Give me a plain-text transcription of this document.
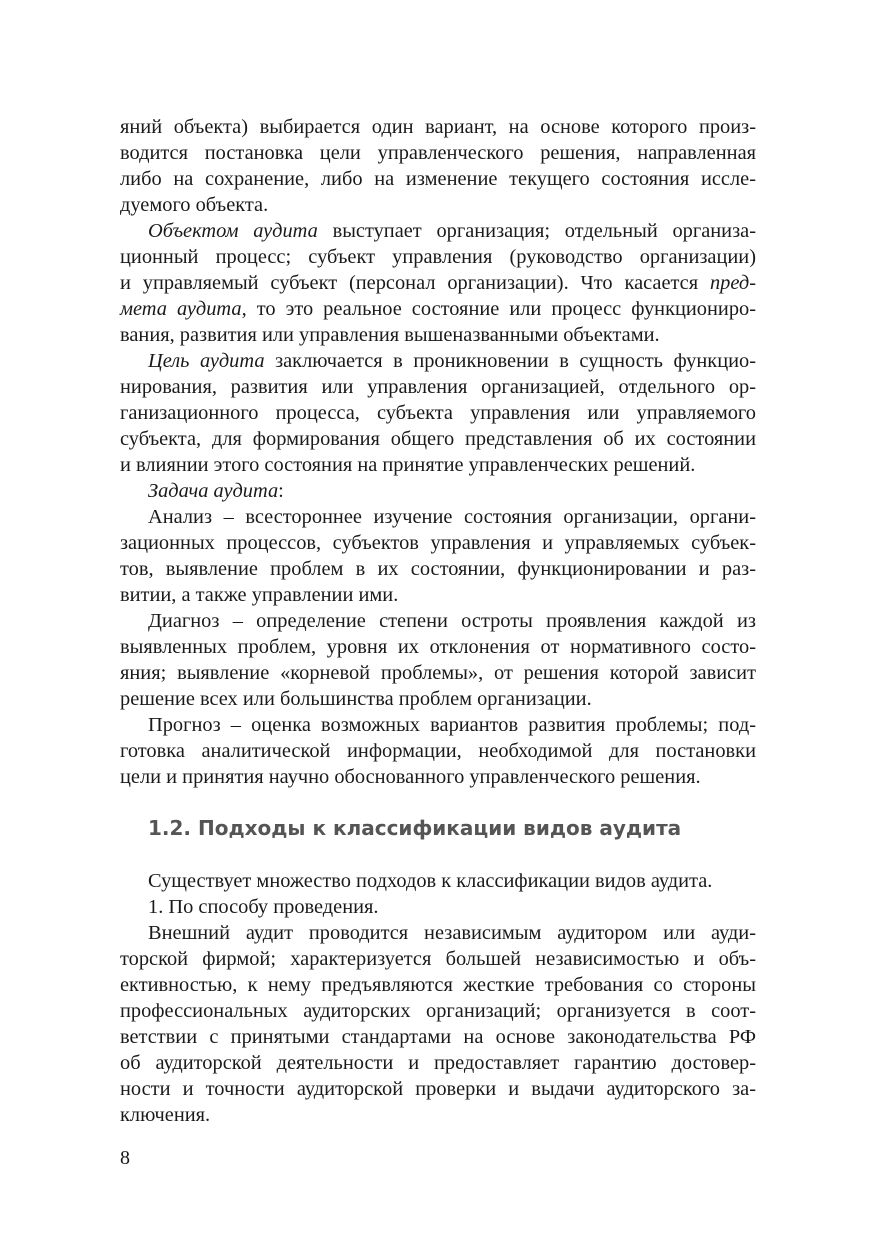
яний объекта) выбирается один вариант, на основе которого произ-
водится постановка цели управленческого решения, направленная
либо на сохранение, либо на изменение текущего состояния иссле-
дуемого объекта.
Объектом аудита выступает организация; отдельный организа-
ционный процесс; субъект управления (руководство организации)
и управляемый субъект (персонал организации). Что касается пред-
мета аудита, то это реальное состояние или процесс функциониро-
вания, развития или управления вышеназванными объектами.
Цель аудита заключается в проникновении в сущность функцио-
нирования, развития или управления организацией, отдельного ор-
ганизационного процесса, субъекта управления или управляемого
субъекта, для формирования общего представления об их состоянии
и влиянии этого состояния на принятие управленческих решений.
Задача аудита:
Анализ – всестороннее изучение состояния организации, органи-
зационных процессов, субъектов управления и управляемых субъек-
тов, выявление проблем в их состоянии, функционировании и раз-
витии, а также управлении ими.
Диагноз – определение степени остроты проявления каждой из
выявленных проблем, уровня их отклонения от нормативного состо-
яния; выявление «корневой проблемы», от решения которой зависит
решение всех или большинства проблем организации.
Прогноз – оценка возможных вариантов развития проблемы; под-
готовка аналитической информации, необходимой для постановки
цели и принятия научно обоснованного управленческого решения.
Существует множество подходов к классификации видов аудита.
1. По способу проведения.
Внешний аудит проводится независимым аудитором или ауди-
торской фирмой; характеризуется большей независимостью и объ-
ективностью, к нему предъявляются жесткие требования со стороны
профессиональных аудиторских организаций; организуется в соот-
ветствии с принятыми стандартами на основе законодательства РФ
об аудиторской деятельности и предоставляет гарантию достовер-
ности и точности аудиторской проверки и выдачи аудиторского за-
ключения.
1.2. Подходы к классификации видов аудита
8
